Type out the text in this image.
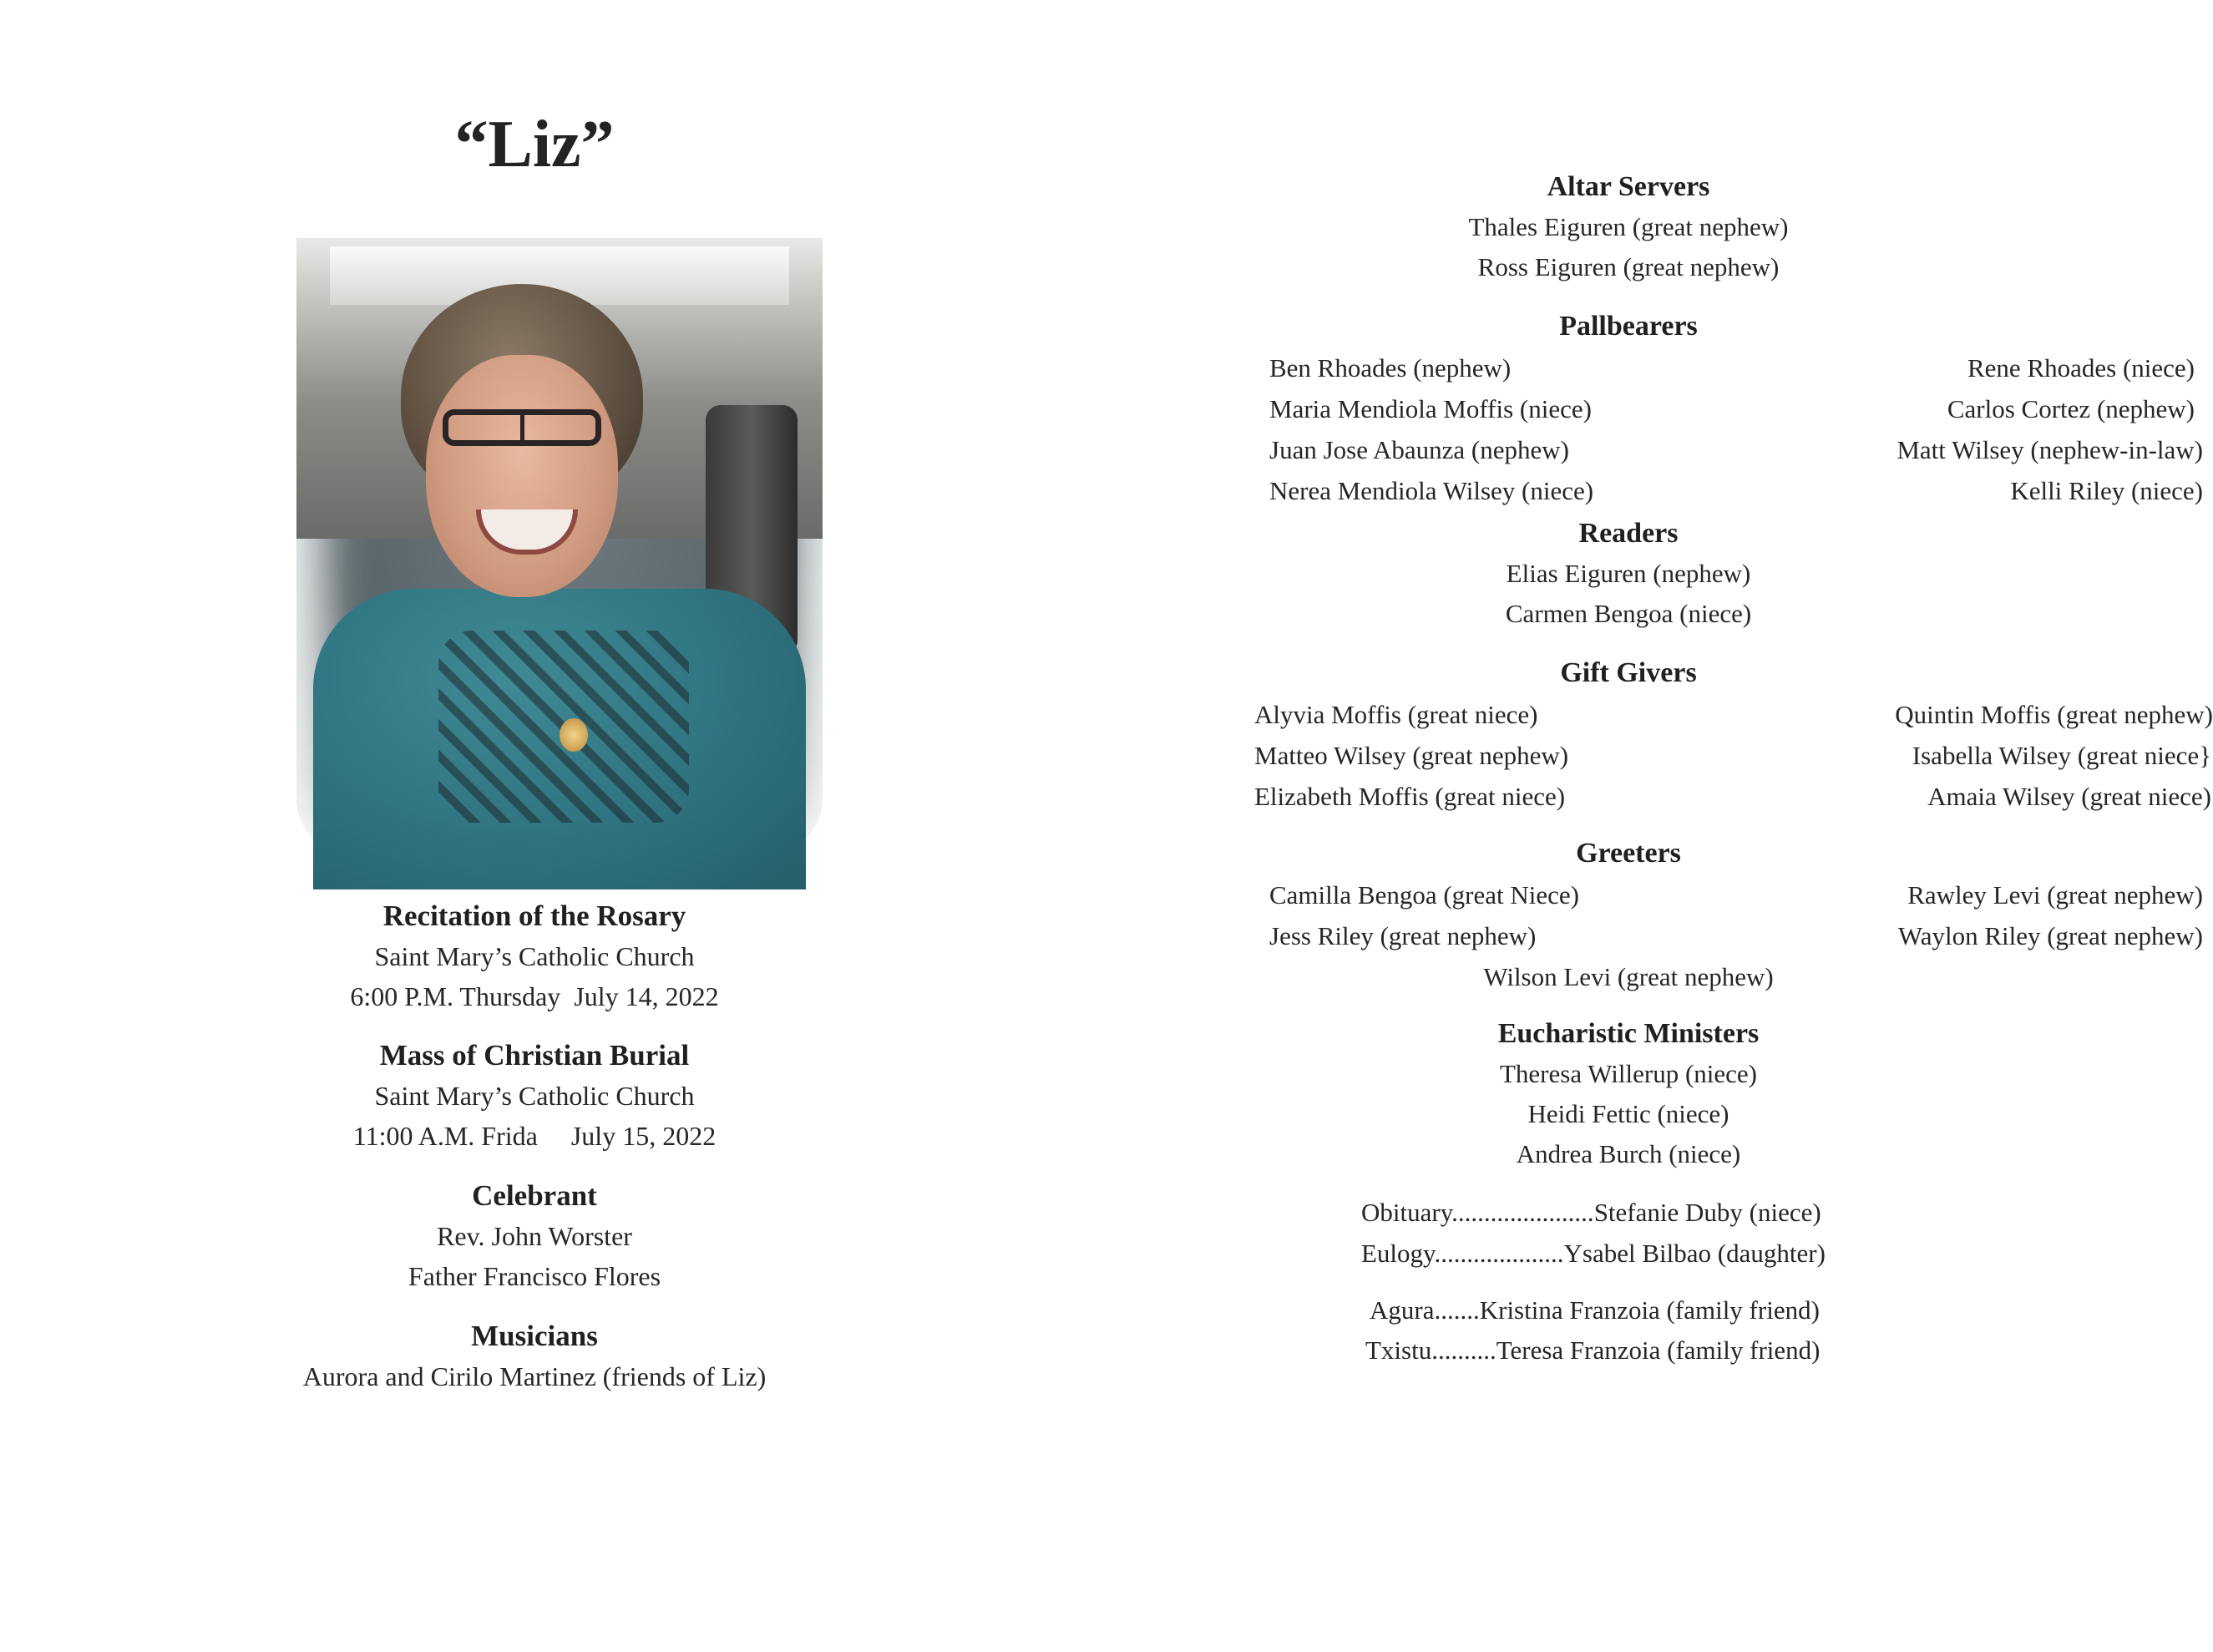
“Liz”
Recitation of the Rosary
Saint Mary’s Catholic Church
6:00 P.M. Thursday July 14, 2022
Mass of Christian Burial
Saint Mary’s Catholic Church
11:00 A.M. Frida July 15, 2022
Celebrant
Rev. John Worster
Father Francisco Flores
Musicians
Aurora and Cirilo Martinez (friends of Liz)
Altar Servers
Thales Eiguren (great nephew)
Ross Eiguren (great nephew)
Pallbearers
Ben Rhoades (nephew)	Rene Rhoades (niece)
Maria Mendiola Moffis (niece)	Carlos Cortez (nephew)
Juan Jose Abaunza (nephew)	Matt Wilsey (nephew-in-law)
Nerea Mendiola Wilsey (niece)	Kelli Riley (niece)
Readers
Elias Eiguren (nephew)
Carmen Bengoa (niece)
Gift Givers
Alyvia Moffis (great niece)	Quintin Moffis (great nephew)
Matteo Wilsey (great nephew)	Isabella Wilsey (great niece}
Elizabeth Moffis (great niece)	Amaia Wilsey (great niece)
Greeters
Camilla Bengoa (great Niece)	Rawley Levi (great nephew)
Jess Riley (great nephew)	Waylon Riley (great nephew)
Wilson Levi (great nephew)
Eucharistic Ministers
Theresa Willerup (niece)
Heidi Fettic (niece)
Andrea Burch (niece)
Obituary......................Stefanie Duby (niece)
Eulogy....................Ysabel Bilbao (daughter)
Agura.......Kristina Franzoia (family friend)
Txistu..........Teresa Franzoia (family friend)
